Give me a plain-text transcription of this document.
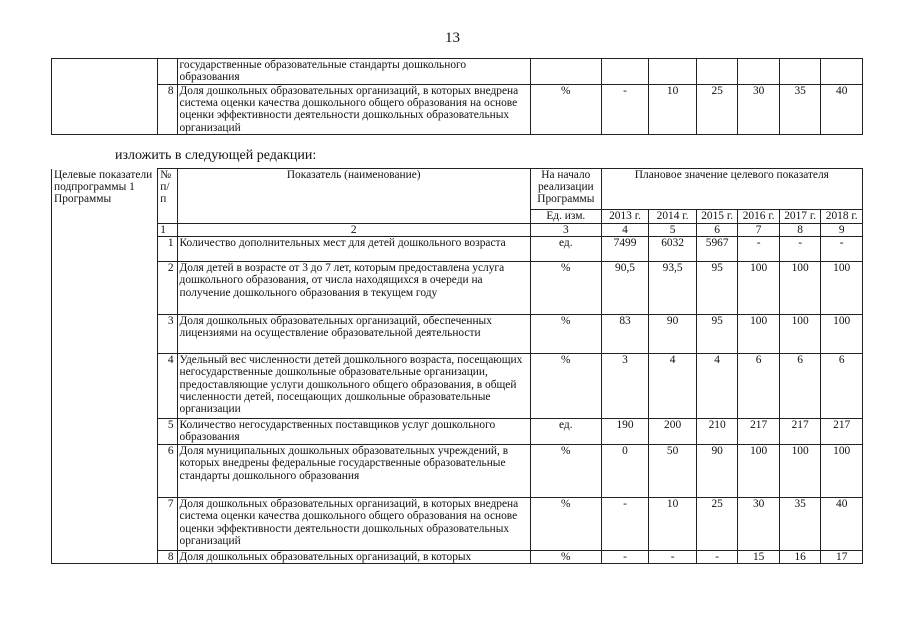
13
		государственные образовательные стандарты дошкольного образования							
	8	Доля дошкольных образовательных организаций, в которых внедрена система оценки качества дошкольного общего образования на основе оценки эффективности деятельности дошкольных образовательных организаций	%	-	10	25	30	35	40
изложить в следующей редакции:
Целевые показатели подпрограммы 1 Программы	№ п/п	Показатель (наименование)	На начало реализации Программы	Плановое значение целевого показателя					
			Ед. изм.	2013 г.	2014 г.	2015 г.	2016 г.	2017 г.	2018 г.
	1	2	3	4	5	6	7	8	9
	1	Количество дополнительных мест для детей дошкольного возраста	ед.	7499	6032	5967	-	-	-
	2	Доля детей в возрасте от 3 до 7 лет, которым предоставлена услуга дошкольного образования, от числа находящихся в очереди на получение дошкольного образования в текущем году	%	90,5	93,5	95	100	100	100
	3	Доля дошкольных образовательных организаций, обеспеченных лицензиями на осуществление образовательной деятельности	%	83	90	95	100	100	100
	4	Удельный вес численности детей дошкольного возраста, посещающих негосударственные дошкольные образовательные организации, предоставляющие услуги дошкольного общего образования, в общей численности детей, посещающих дошкольные образовательные организации	%	3	4	4	6	6	6
	5	Количество негосударственных поставщиков услуг дошкольного образования	ед.	190	200	210	217	217	217
	6	Доля муниципальных дошкольных образовательных учреждений, в которых внедрены федеральные государственные образовательные стандарты дошкольного образования	%	0	50	90	100	100	100
	7	Доля дошкольных образовательных организаций, в которых внедрена система оценки качества дошкольного общего образования на основе оценки эффективности деятельности дошкольных образовательных организаций	%	-	10	25	30	35	40
	8	Доля дошкольных образовательных организаций, в которых	%	-	-	-	15	16	17
